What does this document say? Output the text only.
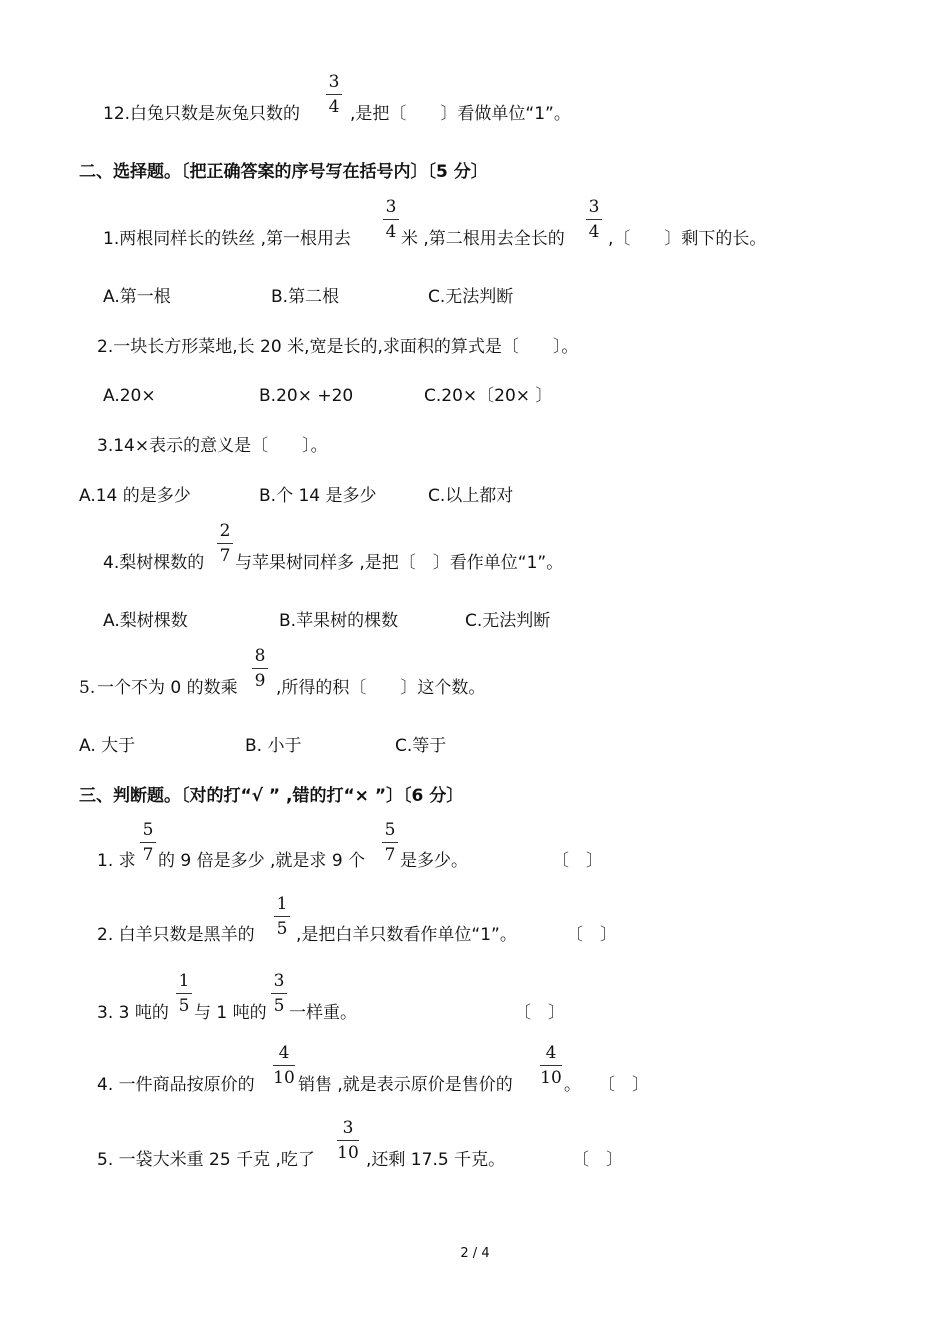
12.白兔只数是灰兔只数的
3
4 ,是把〔　　〕看做单位“1”。
二、选择题。〔把正确答案的序号写在括号内〕〔5 分〕
1.两根同样长的铁丝 ,第一根用去
3
4 米 ,第二根用去全长的
3
4 ,〔　　〕剩下的长。
A.第一根	B.第二根	C.无法判断
2.一块长方形菜地,长 20 米,宽是长的,求面积的算式是〔　　〕。
A.20×	B.20× +20	C.20×〔20× 〕
3.14×表示的意义是〔　　〕。
A.14 的是多少	B.个 14 是多少	C.以上都对
4.梨树棵数的
2
7 与苹果树同样多 ,是把〔　〕看作单位“1”。
A.梨树棵数	B.苹果树的棵数	C.无法判断
5. 一个不为 0 的数乘
8
9 ,所得的积〔　　〕这个数。
A. 大于	B. 小于	C.等于
三、判断题。〔对的打“√ ” ,错的打“× ”〕〔6 分〕
1. 求
5
7 的 9 倍是多少 ,就是求 9 个
5
7 是多少。	〔　〕
2. 白羊只数是黑羊的
1
5 ,是把白羊只数看作单位“1”。	〔　〕
3. 3 吨的
1
5 与 1 吨的
3
5 一样重。	〔　〕
4. 一件商品按原价的
4
10 销售 ,就是表示原价是售价的
4
10 。 〔　〕
5. 一袋大米重 25 千克 ,吃了
3
10 ,还剩 17.5 千克。	〔　〕
2 / 4
